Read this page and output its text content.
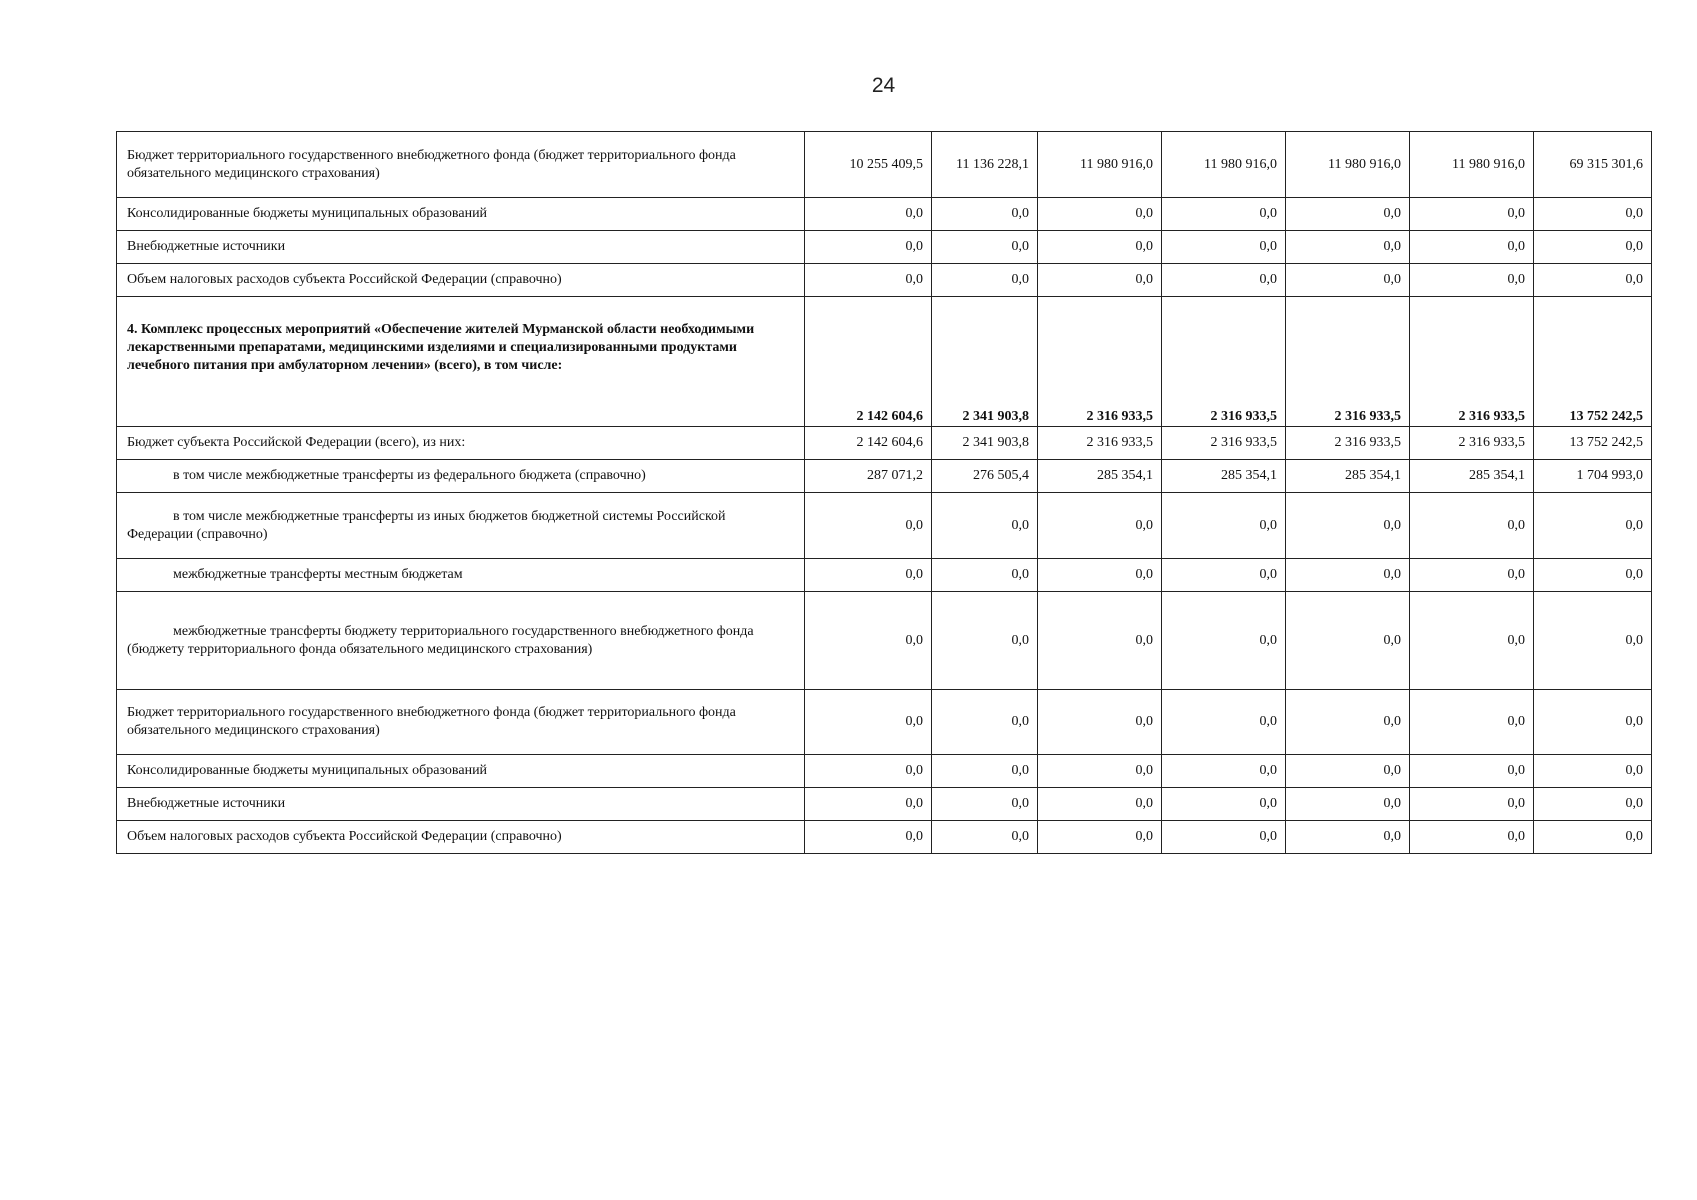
24
Бюджет территориального государственного внебюджетного фонда (бюджет территориального фонда обязательного медицинского страхования)	10 255 409,5	11 136 228,1	11 980 916,0	11 980 916,0	11 980 916,0	11 980 916,0	69 315 301,6
Консолидированные бюджеты муниципальных образований	0,0	0,0	0,0	0,0	0,0	0,0	0,0
Внебюджетные источники	0,0	0,0	0,0	0,0	0,0	0,0	0,0
Объем налоговых расходов субъекта Российской Федерации (справочно)	0,0	0,0	0,0	0,0	0,0	0,0	0,0
4. Комплекс процессных мероприятий «Обеспечение жителей Мурманской области необходимыми лекарственными препаратами, медицинскими изделиями и специализированными продуктами лечебного питания при амбулаторном лечении» (всего), в том числе:	2 142 604,6	2 341 903,8	2 316 933,5	2 316 933,5	2 316 933,5	2 316 933,5	13 752 242,5
Бюджет субъекта Российской Федерации (всего), из них:	2 142 604,6	2 341 903,8	2 316 933,5	2 316 933,5	2 316 933,5	2 316 933,5	13 752 242,5
в том числе межбюджетные трансферты из федерального бюджета (справочно)	287 071,2	276 505,4	285 354,1	285 354,1	285 354,1	285 354,1	1 704 993,0
в том числе межбюджетные трансферты из иных бюджетов бюджетной системы Российской Федерации (справочно)	0,0	0,0	0,0	0,0	0,0	0,0	0,0
межбюджетные трансферты местным бюджетам	0,0	0,0	0,0	0,0	0,0	0,0	0,0
межбюджетные трансферты бюджету территориального государственного внебюджетного фонда (бюджету территориального фонда обязательного медицинского страхования)	0,0	0,0	0,0	0,0	0,0	0,0	0,0
Бюджет территориального государственного внебюджетного фонда (бюджет территориального фонда обязательного медицинского страхования)	0,0	0,0	0,0	0,0	0,0	0,0	0,0
Консолидированные бюджеты муниципальных образований	0,0	0,0	0,0	0,0	0,0	0,0	0,0
Внебюджетные источники	0,0	0,0	0,0	0,0	0,0	0,0	0,0
Объем налоговых расходов субъекта Российской Федерации (справочно)	0,0	0,0	0,0	0,0	0,0	0,0	0,0
